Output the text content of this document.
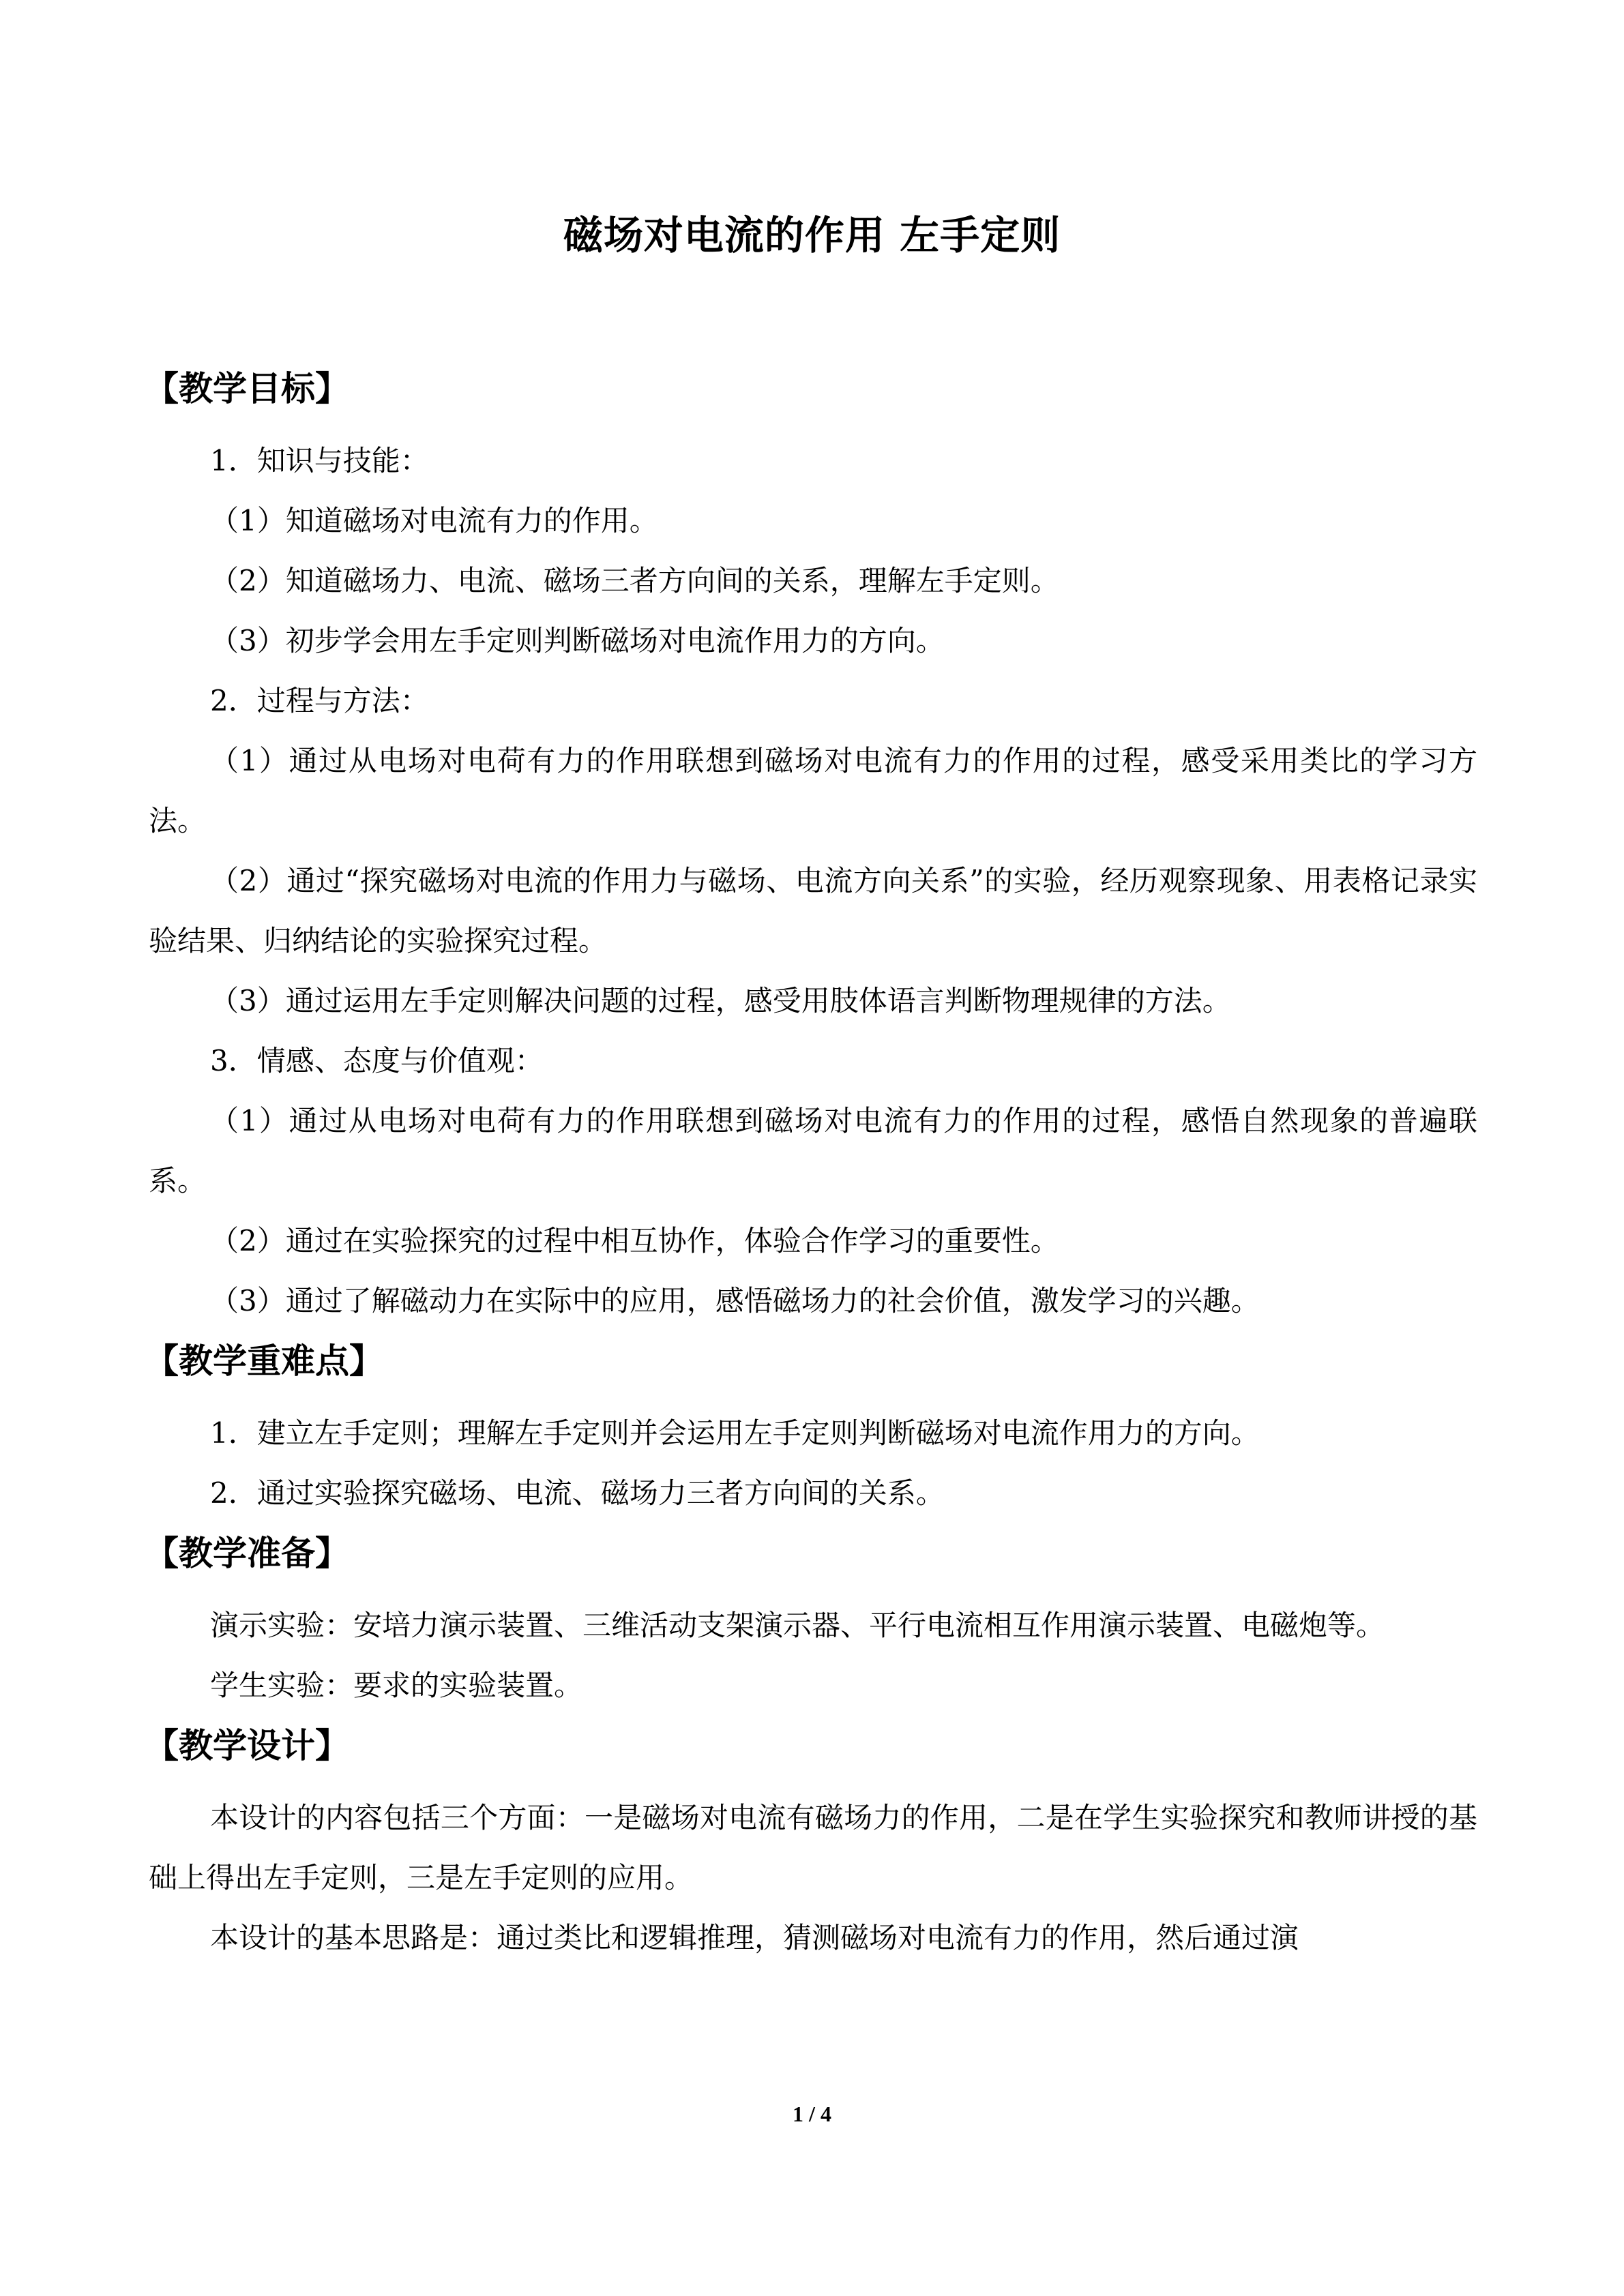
磁场对电流的作用 左手定则
【教学目标】

1．知识与技能：

（1）知道磁场对电流有力的作用。

（2）知道磁场力、电流、磁场三者方向间的关系，理解左手定则。

（3）初步学会用左手定则判断磁场对电流作用力的方向。

2．过程与方法：

（1）通过从电场对电荷有力的作用联想到磁场对电流有力的作用的过程，感受采用类比的学习方法。

（2）通过“探究磁场对电流的作用力与磁场、电流方向关系”的实验，经历观察现象、用表格记录实验结果、归纳结论的实验探究过程。

（3）通过运用左手定则解决问题的过程，感受用肢体语言判断物理规律的方法。

3．情感、态度与价值观：

（1）通过从电场对电荷有力的作用联想到磁场对电流有力的作用的过程，感悟自然现象的普遍联系。

（2）通过在实验探究的过程中相互协作，体验合作学习的重要性。

（3）通过了解磁动力在实际中的应用，感悟磁场力的社会价值，激发学习的兴趣。

【教学重难点】

1．建立左手定则；理解左手定则并会运用左手定则判断磁场对电流作用力的方向。

2．通过实验探究磁场、电流、磁场力三者方向间的关系。

【教学准备】

演示实验：安培力演示装置、三维活动支架演示器、平行电流相互作用演示装置、电磁炮等。

学生实验：要求的实验装置。

【教学设计】

本设计的内容包括三个方面：一是磁场对电流有磁场力的作用，二是在学生实验探究和教师讲授的基础上得出左手定则，三是左手定则的应用。

本设计的基本思路是：通过类比和逻辑推理，猜测磁场对电流有力的作用，然后通过演

1 / 4
